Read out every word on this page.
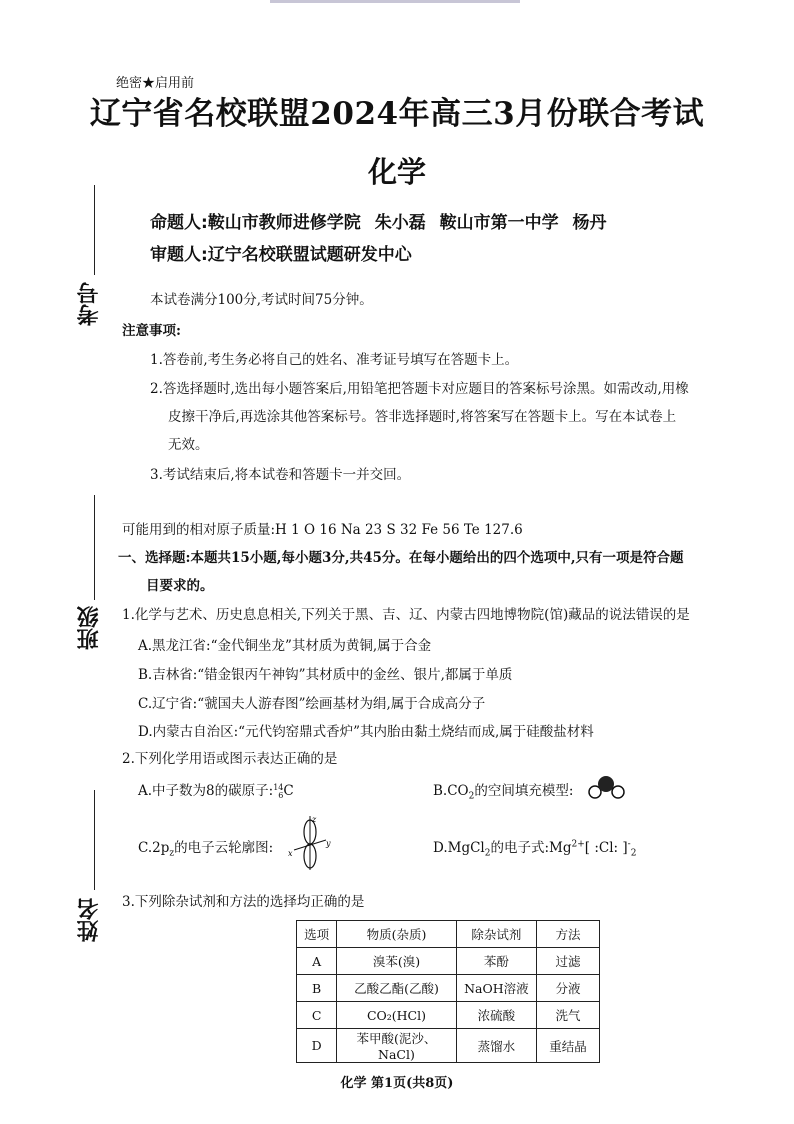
绝密★启用前
辽宁省名校联盟2024年高三3月份联合考试
化学
命题人:鞍山市教师进修学院 朱小磊 鞍山市第一中学 杨丹
审题人:辽宁名校联盟试题研发中心
考号
班级
姓名
本试卷满分100分,考试时间75分钟。
注意事项:
1.答卷前,考生务必将自己的姓名、准考证号填写在答题卡上。
2.答选择题时,选出每小题答案后,用铅笔把答题卡对应题目的答案标号涂黑。如需改动,用橡
皮擦干净后,再选涂其他答案标号。答非选择题时,将答案写在答题卡上。写在本试卷上
无效。
3.考试结束后,将本试卷和答题卡一并交回。
可能用到的相对原子质量:H 1 O 16 Na 23 S 32 Fe 56 Te 127.6
一、选择题:本题共15小题,每小题3分,共45分。在每小题给出的四个选项中,只有一项是符合题
目要求的。
1.化学与艺术、历史息息相关,下列关于黑、吉、辽、内蒙古四地博物院(馆)藏品的说法错误的是
A.黑龙江省:“金代铜坐龙”其材质为黄铜,属于合金
B.吉林省:“错金银丙午神钩”其材质中的金丝、银片,都属于单质
C.辽宁省:“虢国夫人游春图”绘画基材为绢,属于合成高分子
D.内蒙古自治区:“元代钧窑鼎式香炉”其内胎由黏土烧结而成,属于硅酸盐材料
2.下列化学用语或图示表达正确的是
A.中子数为8的碳原子:14
6C	$B.CO_2$的空间填充模型:
$C.2p_z$的电子云轮廓图:
z
y
x	D.MgCl$_2$的电子式$:Mg^{2+}$[ :Cl: ]$^-_2$
3.下列除杂试剂和方法的选择均正确的是
选项	物质(杂质)	除杂试剂	方法
A	溴苯(溴)	苯酚	过滤
B	乙酸乙酯(乙酸)	NaOH溶液	分液
C	CO₂(HCl)	浓硫酸	洗气
D	苯甲酸(泥沙、NaCl)	蒸馏水	重结晶
化学 第1页(共8页)
